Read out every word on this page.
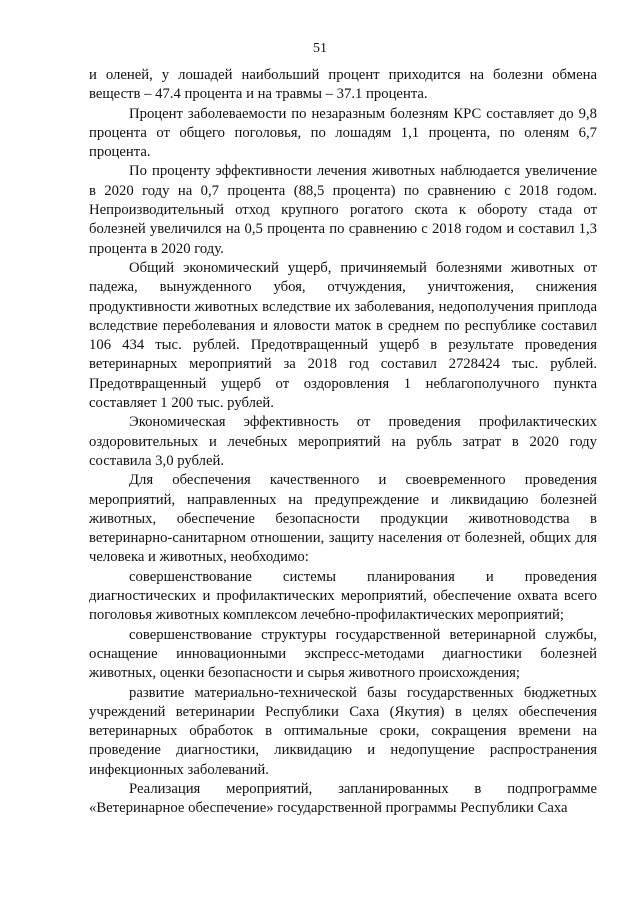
51

и оленей, у лошадей наибольший процент приходится на болезни обмена веществ – 47.4 процента и на травмы – 37.1 процента.

Процент заболеваемости по незаразным болезням КРС составляет до 9,8 процента от общего поголовья, по лошадям 1,1 процента, по оленям 6,7 процента.

По проценту эффективности лечения животных наблюдается увеличение в 2020 году на 0,7 процента (88,5 процента) по сравнению с 2018 годом. Непроизводительный отход крупного рогатого скота к обороту стада от болезней увеличился на 0,5 процента по сравнению с 2018 годом и составил 1,3 процента в 2020 году.

Общий экономический ущерб, причиняемый болезнями животных от падежа, вынужденного убоя, отчуждения, уничтожения, снижения продуктивности животных вследствие их заболевания, недополучения приплода вследствие переболевания и яловости маток в среднем по республике составил 106 434 тыс. рублей. Предотвращенный ущерб в результате проведения ветеринарных мероприятий за 2018 год составил 2728424 тыс. рублей. Предотвращенный ущерб от оздоровления 1 неблагополучного пункта составляет 1 200 тыс. рублей.

Экономическая эффективность от проведения профилактических оздоровительных и лечебных мероприятий на рубль затрат в 2020 году составила 3,0 рублей.

Для обеспечения качественного и своевременного проведения мероприятий, направленных на предупреждение и ликвидацию болезней животных, обеспечение безопасности продукции животноводства в ветеринарно-санитарном отношении, защиту населения от болезней, общих для человека и животных, необходимо:

совершенствование системы планирования и проведения диагностических и профилактических мероприятий, обеспечение охвата всего поголовья животных комплексом лечебно-профилактических мероприятий;

совершенствование структуры государственной ветеринарной службы, оснащение инновационными экспресс-методами диагностики болезней животных, оценки безопасности и сырья животного происхождения;

развитие материально-технической базы государственных бюджетных учреждений ветеринарии Республики Саха (Якутия) в целях обеспечения ветеринарных обработок в оптимальные сроки, сокращения времени на проведение диагностики, ликвидацию и недопущение распространения инфекционных заболеваний.

Реализация мероприятий, запланированных в подпрограмме «Ветеринарное обеспечение» государственной программы Республики Саха
